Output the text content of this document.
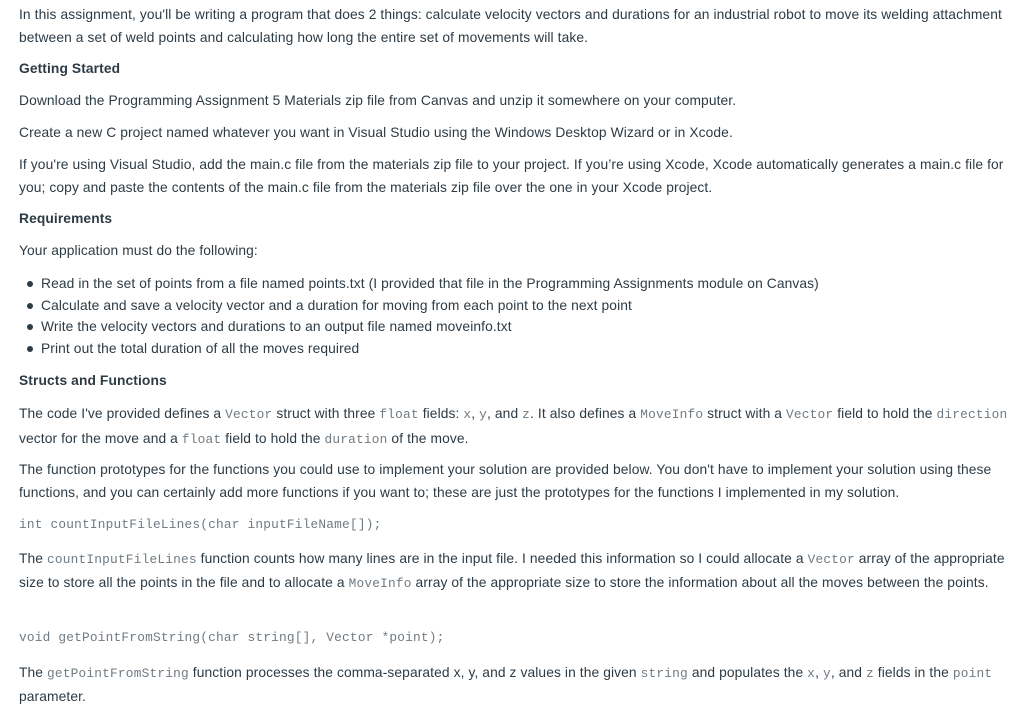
In this assignment, you'll be writing a program that does 2 things: calculate velocity vectors and durations for an industrial robot to move its welding attachment between a set of weld points and calculating how long the entire set of movements will take.

Getting Started

Download the Programming Assignment 5 Materials zip file from Canvas and unzip it somewhere on your computer.

Create a new C project named whatever you want in Visual Studio using the Windows Desktop Wizard or in Xcode.

If you're using Visual Studio, add the main.c file from the materials zip file to your project. If you’re using Xcode, Xcode automatically generates a main.c file for you; copy and paste the contents of the main.c file from the materials zip file over the one in your Xcode project.

Requirements

Your application must do the following:

Read in the set of points from a file named points.txt (I provided that file in the Programming Assignments module on Canvas)
Calculate and save a velocity vector and a duration for moving from each point to the next point
Write the velocity vectors and durations to an output file named moveinfo.txt
Print out the total duration of all the moves required
Structs and Functions

The code I've provided defines a Vector struct with three float fields: x, y, and z. It also defines a MoveInfo struct with a Vector field to hold the direction vector for the move and a float field to hold the duration of the move.

The function prototypes for the functions you could use to implement your solution are provided below. You don't have to implement your solution using these functions, and you can certainly add more functions if you want to; these are just the prototypes for the functions I implemented in my solution.

int countInputFileLines(char inputFileName[]);

The countInputFileLines function counts how many lines are in the input file. I needed this information so I could allocate a Vector array of the appropriate size to store all the points in the file and to allocate a MoveInfo array of the appropriate size to store the information about all the moves between the points.

void getPointFromString(char string[], Vector *point);

The getPointFromString function processes the comma-separated x, y, and z values in the given string and populates the x, y, and z fields in the point parameter.
